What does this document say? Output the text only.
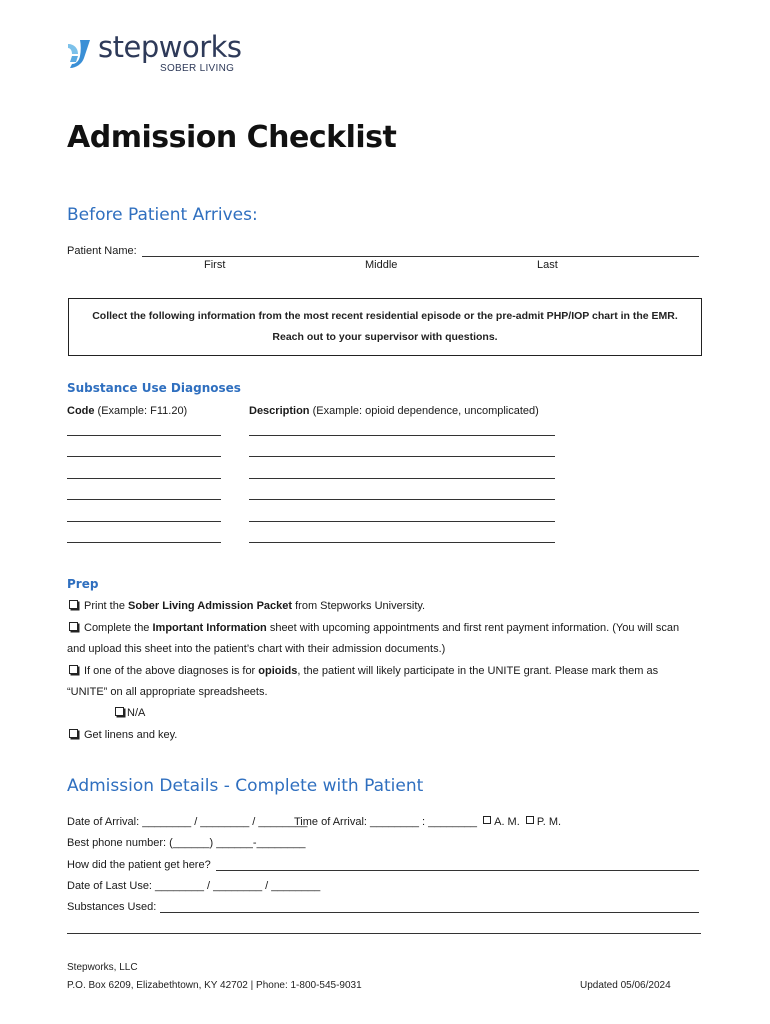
stepworks
SOBER LIVING
Admission Checklist
Before Patient Arrives:
Patient Name:
First	Middle	Last

Collect the following information from the most recent residential episode or the pre-admit PHP/IOP chart in the EMR.

Reach out to your supervisor with questions.

Substance Use Diagnoses
Code (Example: F11.20)	Description (Example: opioid dependence, uncomplicated)
Prep
Print the Sober Living Admission Packet from Stepworks University.
Complete the Important Information sheet with upcoming appointments and first rent payment information. (You will scan
and upload this sheet into the patient’s chart with their admission documents.)
If one of the above diagnoses is for opioids, the patient will likely participate in the UNITE grant. Please mark them as
“UNITE” on all appropriate spreadsheets.
N/A
Get linens and key.
Admission Details - Complete with Patient
Date of Arrival: ________ / ________ / ________
Time of Arrival: ________ : ________ A. M. P. M.
Best phone number: (______) ______-________
How did the patient get here?
Date of Last Use: ________ / ________ / ________
Substances Used:
Stepworks, LLC
P.O. Box 6209, Elizabethtown, KY 42702 | Phone: 1-800-545-9031	Updated 05/06/2024
